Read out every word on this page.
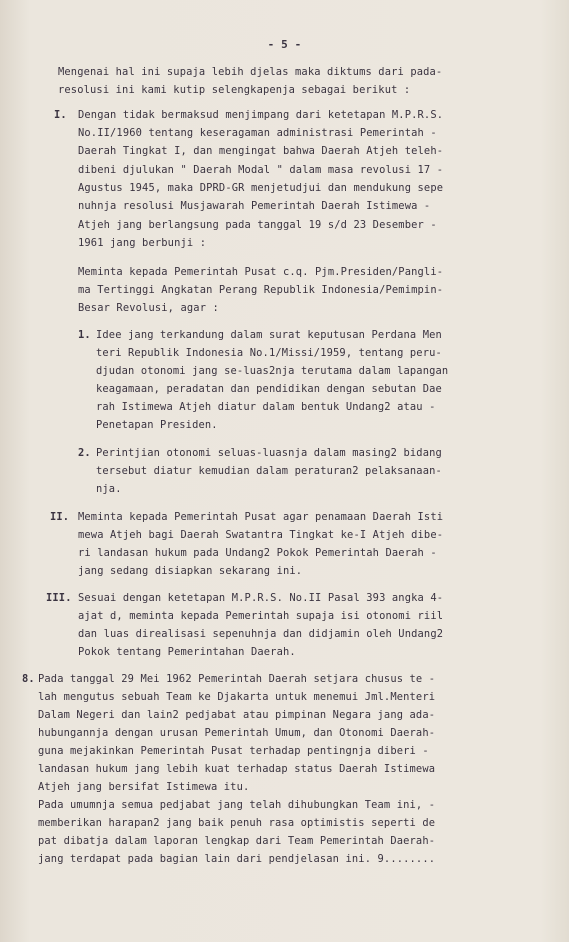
- 5 -
Mengenai hal ini supaja lebih djelas maka diktums dari pada-
resolusi ini kami kutip selengkapenja sebagai berikut :
I. Dengan tidak bermaksud menjimpang dari ketetapan M.P.R.S.
No.II/1960 tentang keseragaman administrasi Pemerintah -
Daerah Tingkat I, dan mengingat bahwa Daerah Atjeh teleh-
dibeni djulukan " Daerah Modal " dalam masa revolusi 17 -
Agustus 1945, maka DPRD-GR menjetudjui dan mendukung sepe
nuhnja resolusi Musjawarah Pemerintah Daerah Istimewa -
Atjeh jang berlangsung pada tanggal 19 s/d 23 Desember -
1961 jang berbunji :
Meminta kepada Pemerintah Pusat c.q. Pjm.Presiden/Pangli-
ma Tertinggi Angkatan Perang Republik Indonesia/Pemimpin-
Besar Revolusi, agar :
1. Idee jang terkandung dalam surat keputusan Perdana Men
teri Republik Indonesia No.1/Missi/1959, tentang peru-
djudan otonomi jang se-luas2nja terutama dalam lapangan
keagamaan, peradatan dan pendidikan dengan sebutan Dae
rah Istimewa Atjeh diatur dalam bentuk Undang2 atau -
Penetapan Presiden.
2. Perintjian otonomi seluas-luasnja dalam masing2 bidang
tersebut diatur kemudian dalam peraturan2 pelaksanaan-
nja.
II. Meminta kepada Pemerintah Pusat agar penamaan Daerah Isti
mewa Atjeh bagi Daerah Swatantra Tingkat ke-I Atjeh dibe-
ri landasan hukum pada Undang2 Pokok Pemerintah Daerah -
jang sedang disiapkan sekarang ini.
III. Sesuai dengan ketetapan M.P.R.S. No.II Pasal 393 angka 4-
ajat d, meminta kepada Pemerintah supaja isi otonomi riil
dan luas direalisasi sepenuhnja dan didjamin oleh Undang2
Pokok tentang Pemerintahan Daerah.
8. Pada tanggal 29 Mei 1962 Pemerintah Daerah setjara chusus te -
lah mengutus sebuah Team ke Djakarta untuk menemui Jml.Menteri
Dalam Negeri dan lain2 pedjabat atau pimpinan Negara jang ada-
hubungannja dengan urusan Pemerintah Umum, dan Otonomi Daerah-
guna mejakinkan Pemerintah Pusat terhadap pentingnja diberi -
landasan hukum jang lebih kuat terhadap status Daerah Istimewa
Atjeh jang bersifat Istimewa itu.
Pada umumnja semua pedjabat jang telah dihubungkan Team ini, -
memberikan harapan2 jang baik penuh rasa optimistis seperti de
pat dibatja dalam laporan lengkap dari Team Pemerintah Daerah-
jang terdapat pada bagian lain dari pendjelasan ini. 9........
